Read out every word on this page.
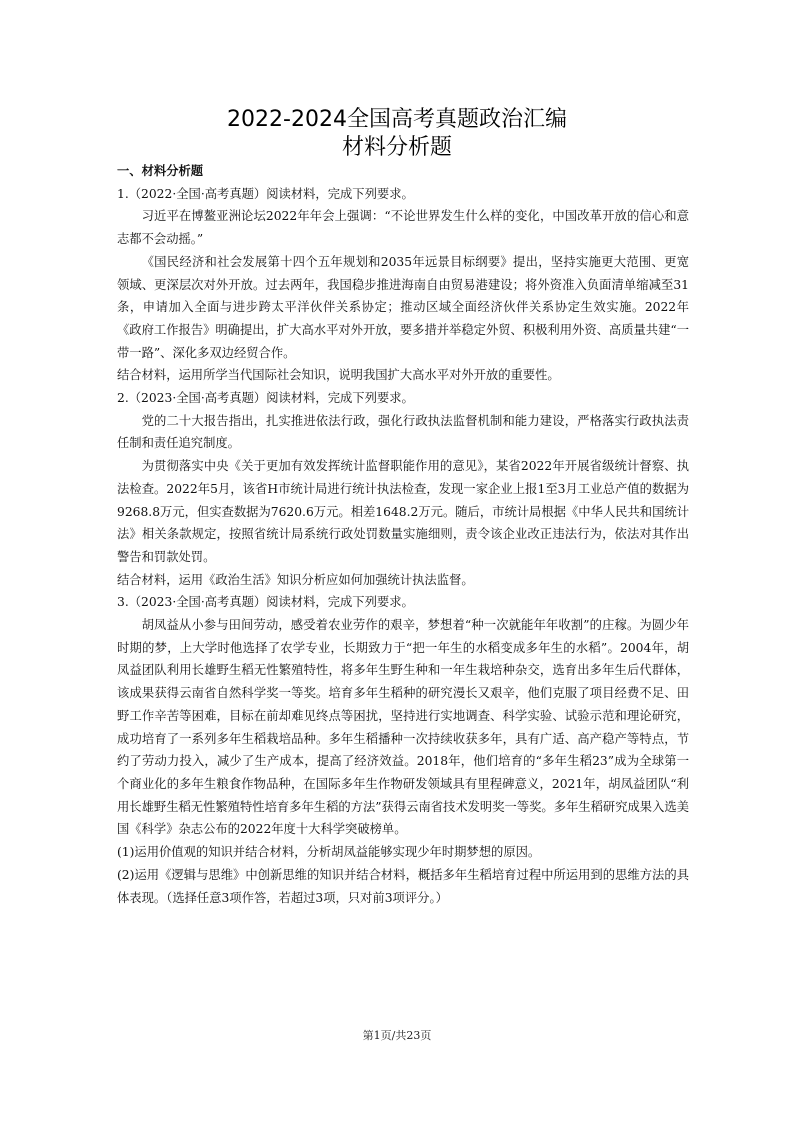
2022-2024全国高考真题政治汇编
材料分析题

一、材料分析题

1.（2022·全国·高考真题）阅读材料，完成下列要求。

习近平在博鳌亚洲论坛2022年年会上强调：“不论世界发生什么样的变化，中国改革开放的信心和意志都不会动摇。”

《国民经济和社会发展第十四个五年规划和2035年远景目标纲要》提出，坚持实施更大范围、更宽领域、更深层次对外开放。过去两年，我国稳步推进海南自由贸易港建设；将外资准入负面清单缩减至31条，申请加入全面与进步跨太平洋伙伴关系协定；推动区域全面经济伙伴关系协定生效实施。2022年《政府工作报告》明确提出，扩大高水平对外开放，要多措并举稳定外贸、积极利用外资、高质量共建“一带一路”、深化多双边经贸合作。

结合材料，运用所学当代国际社会知识，说明我国扩大高水平对外开放的重要性。

2.（2023·全国·高考真题）阅读材料，完成下列要求。

党的二十大报告指出，扎实推进依法行政，强化行政执法监督机制和能力建设，严格落实行政执法责任制和责任追究制度。

为贯彻落实中央《关于更加有效发挥统计监督职能作用的意见》，某省2022年开展省级统计督察、执法检查。2022年5月，该省H市统计局进行统计执法检查，发现一家企业上报1至3月工业总产值的数据为9268.8万元，但实查数据为7620.6万元。相差1648.2万元。随后，市统计局根据《中华人民共和国统计法》相关条款规定，按照省统计局系统行政处罚数量实施细则，责令该企业改正违法行为，依法对其作出警告和罚款处罚。

结合材料，运用《政治生活》知识分析应如何加强统计执法监督。

3.（2023·全国·高考真题）阅读材料，完成下列要求。

胡凤益从小参与田间劳动，感受着农业劳作的艰辛，梦想着“种一次就能年年收割”的庄稼。为圆少年时期的梦，上大学时他选择了农学专业，长期致力于“把一年生的水稻变成多年生的水稻”。2004年，胡凤益团队利用长雄野生稻无性繁殖特性，将多年生野生种和一年生栽培种杂交，选育出多年生后代群体，该成果获得云南省自然科学奖一等奖。培育多年生稻种的研究漫长又艰辛，他们克服了项目经费不足、田野工作辛苦等困难，目标在前却难见终点等困扰，坚持进行实地调查、科学实验、试验示范和理论研究，成功培育了一系列多年生稻栽培品种。多年生稻播种一次持续收获多年，具有广适、高产稳产等特点，节约了劳动力投入，减少了生产成本，提高了经济效益。2018年，他们培育的“多年生稻23”成为全球第一个商业化的多年生粮食作物品种，在国际多年生作物研发领域具有里程碑意义，2021年，胡凤益团队“利用长雄野生稻无性繁殖特性培育多年生稻的方法”获得云南省技术发明奖一等奖。多年生稻研究成果入选美国《科学》杂志公布的2022年度十大科学突破榜单。

(1)运用价值观的知识并结合材料，分析胡凤益能够实现少年时期梦想的原因。

(2)运用《逻辑与思维》中创新思维的知识并结合材料，概括多年生稻培育过程中所运用到的思维方法的具体表现。（选择任意3项作答，若超过3项，只对前3项评分。）

第1页/共23页
